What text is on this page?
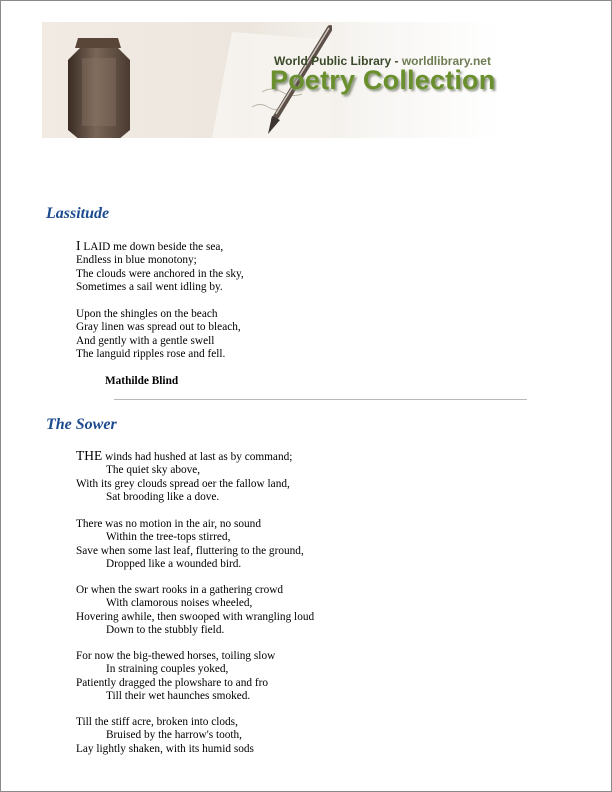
World Public Library - worldlibrary.net
Poetry Collection
Lassitude
I LAID me down beside the sea,
Endless in blue monotony;
The clouds were anchored in the sky,
Sometimes a sail went idling by.
Upon the shingles on the beach
Gray linen was spread out to bleach,
And gently with a gentle swell
The languid ripples rose and fell.
Mathilde Blind
The Sower
THE winds had hushed at last as by command;
The quiet sky above,
With its grey clouds spread oer the fallow land,
Sat brooding like a dove.
There was no motion in the air, no sound
Within the tree-tops stirred,
Save when some last leaf, fluttering to the ground,
Dropped like a wounded bird.
Or when the swart rooks in a gathering crowd
With clamorous noises wheeled,
Hovering awhile, then swooped with wrangling loud
Down to the stubbly field.
For now the big-thewed horses, toiling slow
In straining couples yoked,
Patiently dragged the plowshare to and fro
Till their wet haunches smoked.
Till the stiff acre, broken into clods,
Bruised by the harrow's tooth,
Lay lightly shaken, with its humid sods
